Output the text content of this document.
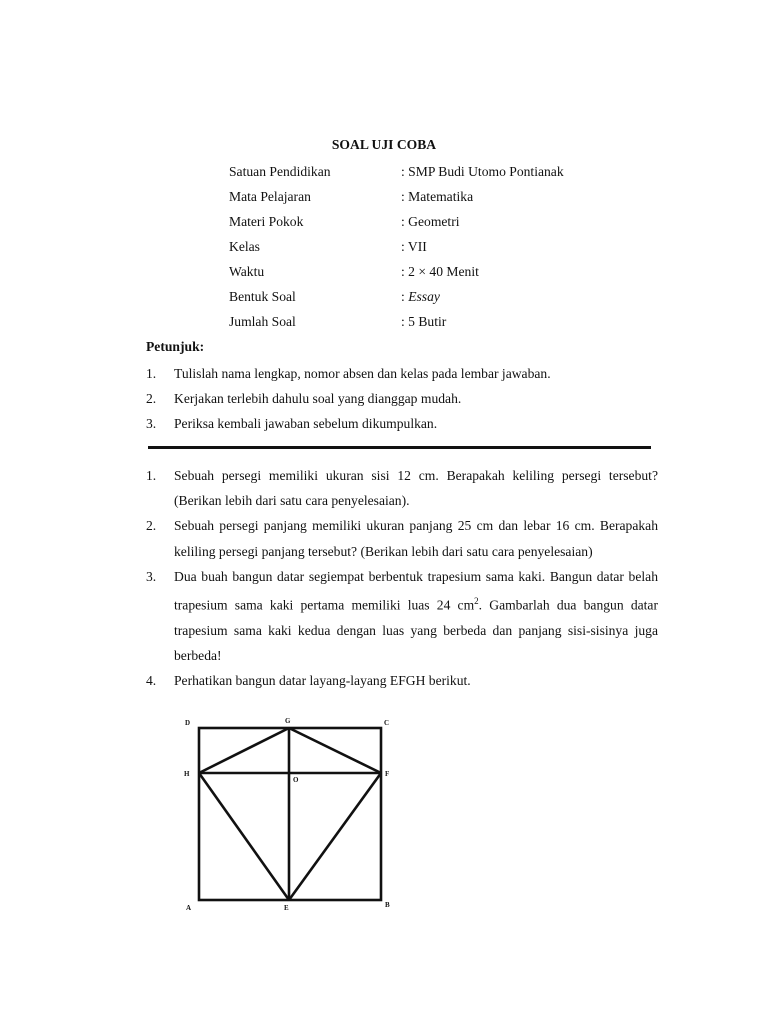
SOAL UJI COBA
Satuan Pendidikan	: SMP Budi Utomo Pontianak
Mata Pelajaran	: Matematika
Materi Pokok	: Geometri
Kelas	: VII
Waktu	: 2 × 40 Menit
Bentuk Soal	: Essay
Jumlah Soal	: 5 Butir
Petunjuk:
1. Tulislah nama lengkap, nomor absen dan kelas pada lembar jawaban.
2. Kerjakan terlebih dahulu soal yang dianggap mudah.
3. Periksa kembali jawaban sebelum dikumpulkan.
1. Sebuah persegi memiliki ukuran sisi 12 cm. Berapakah keliling persegi tersebut? (Berikan lebih dari satu cara penyelesaian).
2. Sebuah persegi panjang memiliki ukuran panjang 25 cm dan lebar 16 cm. Berapakah keliling persegi panjang tersebut? (Berikan lebih dari satu cara penyelesaian)
3. Dua buah bangun datar segiempat berbentuk trapesium sama kaki. Bangun datar belah trapesium sama kaki pertama memiliki luas 24 $cm^2$. Gambarlah dua bangun datar trapesium sama kaki kedua dengan luas yang berbeda dan panjang sisi-sisinya juga berbeda!
4. Perhatikan bangun datar layang-layang EFGH berikut.
D	G	C
H
O
F
A	E	B
